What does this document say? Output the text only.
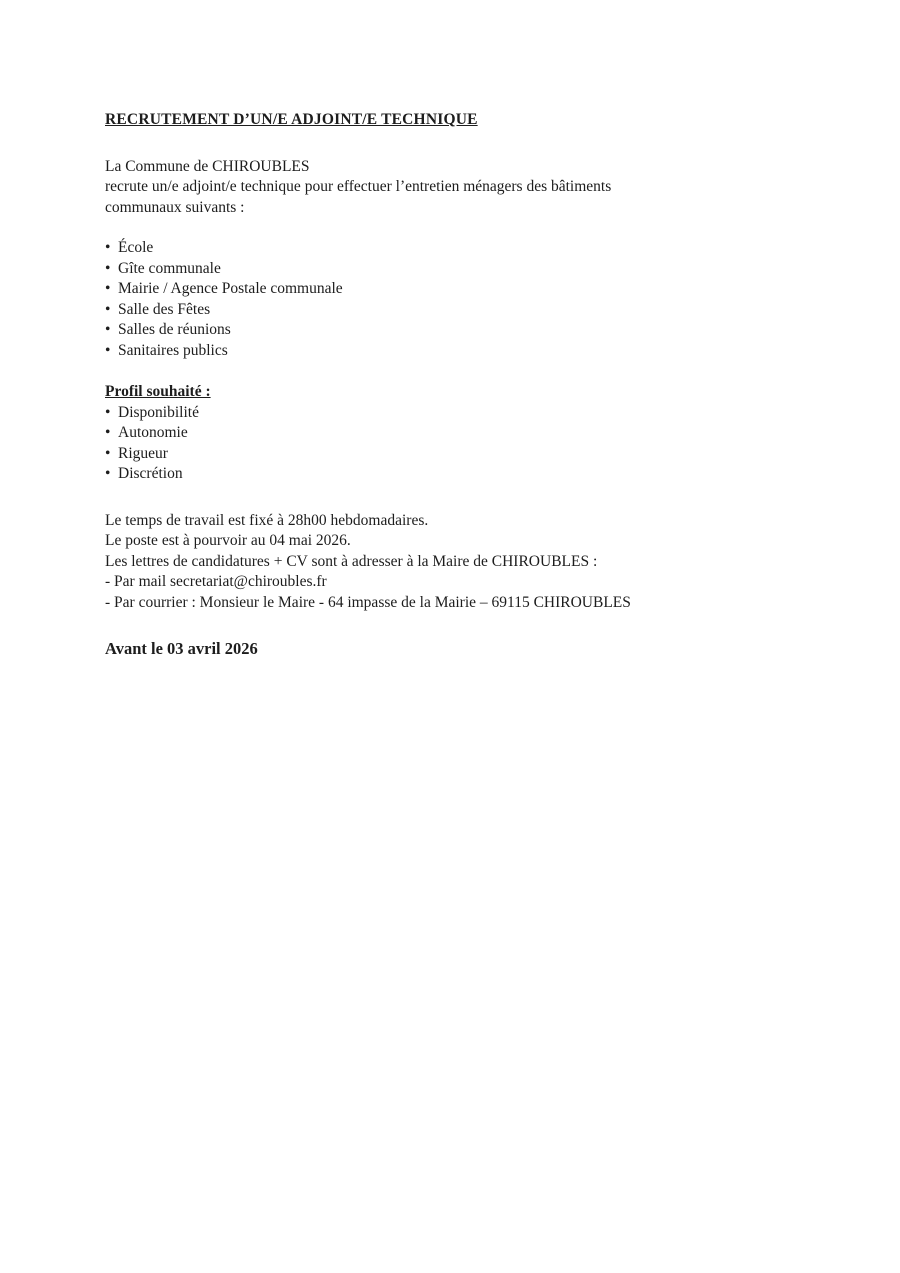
RECRUTEMENT D’UN/E ADJOINT/E TECHNIQUE

La Commune de CHIROUBLES
recrute un/e adjoint/e technique pour effectuer l’entretien ménagers des bâtiments
communaux suivants :

• École
• Gîte communale
• Mairie / Agence Postale communale
• Salle des Fêtes
• Salles de réunions
• Sanitaires publics
Profil souhaité :
• Disponibilité
• Autonomie
• Rigueur
• Discrétion

Le temps de travail est fixé à 28h00 hebdomadaires.
Le poste est à pourvoir au 04 mai 2026.
Les lettres de candidatures + CV sont à adresser à la Maire de CHIROUBLES :
- Par mail secretariat@chiroubles.fr
- Par courrier : Monsieur le Maire - 64 impasse de la Mairie – 69115 CHIROUBLES

Avant le 03 avril 2026
